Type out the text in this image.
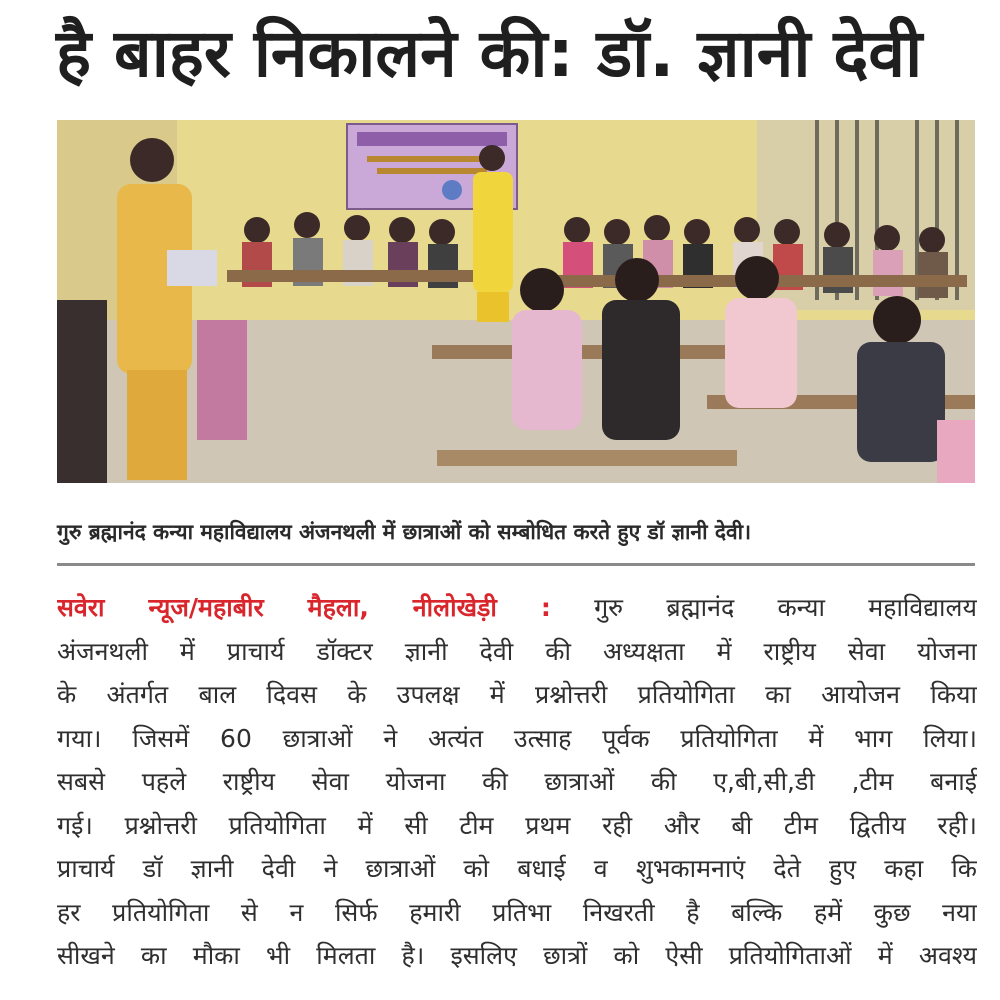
है बाहर निकालने की: डॉ. ज्ञानी देवी
गुरु ब्रह्मानंद कन्या महाविद्यालय अंजनथली में छात्राओं को सम्बोधित करते हुए डॉ ज्ञानी देवी।
सवेरा न्यूज/महाबीर मैहला, नीलोखेड़ी : गुरु ब्रह्मानंद कन्या महाविद्यालय
अंजनथली में प्राचार्य डॉक्टर ज्ञानी देवी की अध्यक्षता में राष्ट्रीय सेवा योजना
के अंतर्गत बाल दिवस के उपलक्ष में प्रश्नोत्तरी प्रतियोगिता का आयोजन किया
गया। जिसमें 60 छात्राओं ने अत्यंत उत्साह पूर्वक प्रतियोगिता में भाग लिया।
सबसे पहले राष्ट्रीय सेवा योजना की छात्राओं की ए,बी,सी,डी ,टीम बनाई
गई। प्रश्नोत्तरी प्रतियोगिता में सी टीम प्रथम रही और बी टीम द्वितीय रही।
प्राचार्य डॉ ज्ञानी देवी ने छात्राओं को बधाई व शुभकामनाएं देते हुए कहा कि
हर प्रतियोगिता से न सिर्फ हमारी प्रतिभा निखरती है बल्कि हमें कुछ नया
सीखने का मौका भी मिलता है। इसलिए छात्रों को ऐसी प्रतियोगिताओं में अवश्य
